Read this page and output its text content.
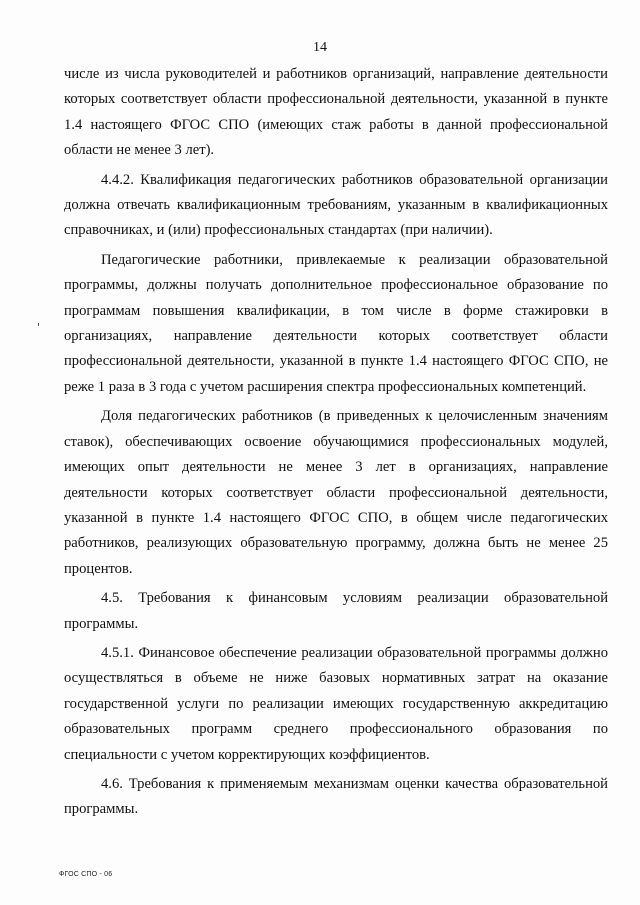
14

числе из числа руководителей и работников организаций, направление деятельности которых соответствует области профессиональной деятельности, указанной в пункте 1.4 настоящего ФГОС СПО (имеющих стаж работы в данной профессиональной области не менее 3 лет).

4.4.2. Квалификация педагогических работников образовательной организации должна отвечать квалификационным требованиям, указанным в квалификационных справочниках, и (или) профессиональных стандартах (при наличии).

Педагогические работники, привлекаемые к реализации образовательной программы, должны получать дополнительное профессиональное образование по программам повышения квалификации, в том числе в форме стажировки в организациях, направление деятельности которых соответствует области профессиональной деятельности, указанной в пункте 1.4 настоящего ФГОС СПО, не реже 1 раза в 3 года с учетом расширения спектра профессиональных компетенций.

Доля педагогических работников (в приведенных к целочисленным значениям ставок), обеспечивающих освоение обучающимися профессиональных модулей, имеющих опыт деятельности не менее 3 лет в организациях, направление деятельности которых соответствует области профессиональной деятельности, указанной в пункте 1.4 настоящего ФГОС СПО, в общем числе педагогических работников, реализующих образовательную программу, должна быть не менее 25 процентов.

4.5. Требования к финансовым условиям реализации образовательной программы.

4.5.1. Финансовое обеспечение реализации образовательной программы должно осуществляться в объеме не ниже базовых нормативных затрат на оказание государственной услуги по реализации имеющих государственную аккредитацию образовательных программ среднего профессионального образования по специальности с учетом корректирующих коэффициентов.

4.6. Требования к применяемым механизмам оценки качества образовательной программы.

ФГОС СПО - 06
